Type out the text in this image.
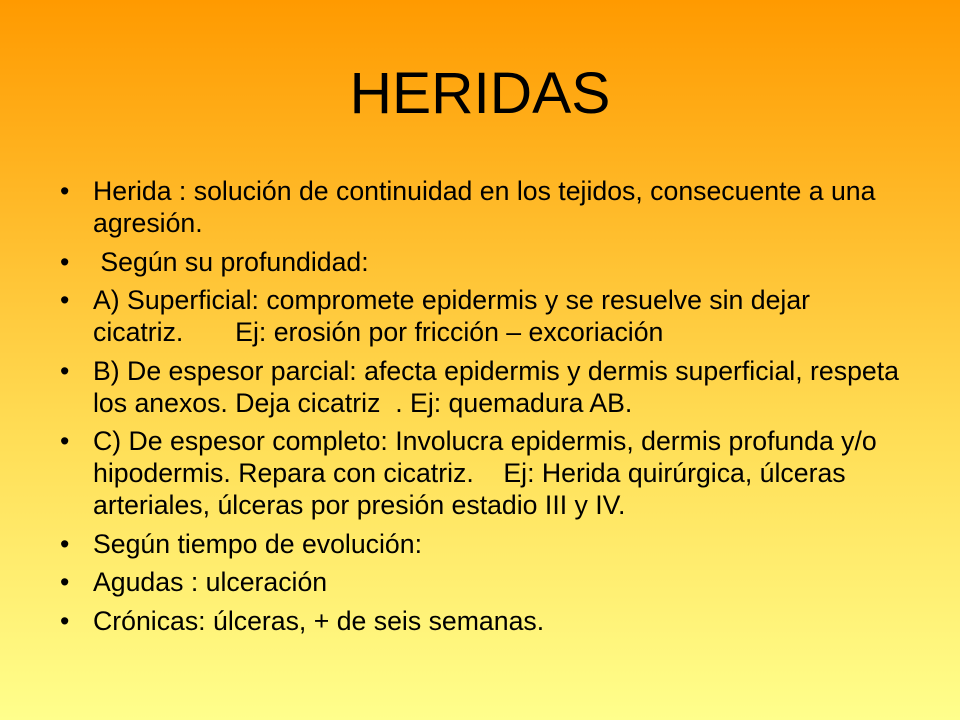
HERIDAS
• Herida : solución de continuidad en los tejidos, consecuente a una
agresión.
• Según su profundidad:
• A) Superficial: compromete epidermis y se resuelve sin dejar
cicatriz.       Ej: erosión por fricción – excoriación
• B) De espesor parcial: afecta epidermis y dermis superficial, respeta
los anexos. Deja cicatriz  . Ej: quemadura AB.
• C) De espesor completo: Involucra epidermis, dermis profunda y/o
hipodermis. Repara con cicatriz.    Ej: Herida quirúrgica, úlceras
arteriales, úlceras por presión estadio III y IV.
• Según tiempo de evolución:
• Agudas : ulceración
• Crónicas: úlceras, + de seis semanas.
